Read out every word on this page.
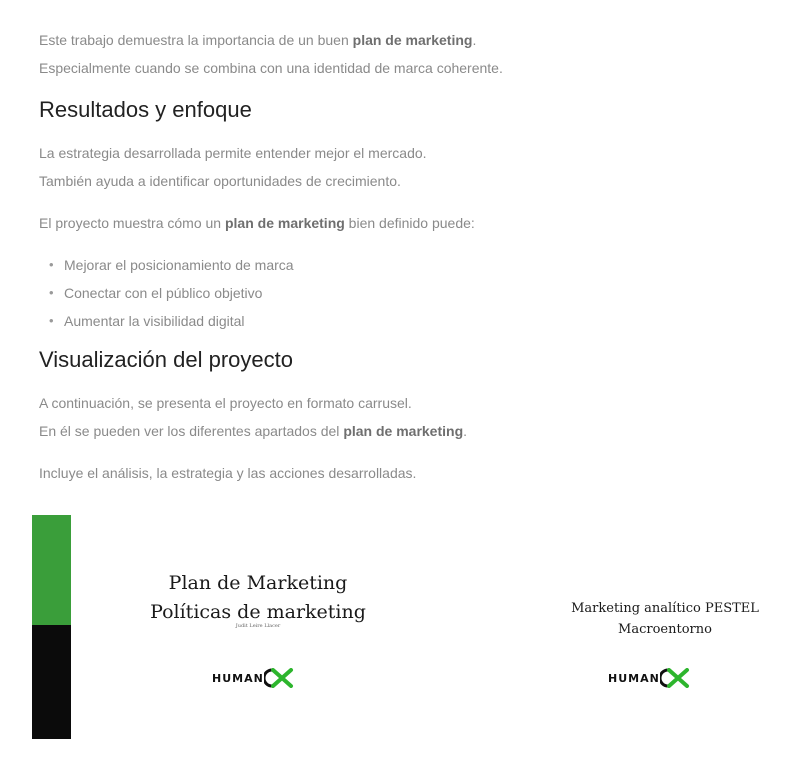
Este trabajo demuestra la importancia de un buen plan de marketing.

Especialmente cuando se combina con una identidad de marca coherente.

Resultados y enfoque

La estrategia desarrollada permite entender mejor el mercado.

También ayuda a identificar oportunidades de crecimiento.

El proyecto muestra cómo un plan de marketing bien definido puede:

• Mejorar el posicionamiento de marca
• Conectar con el público objetivo
• Aumentar la visibilidad digital
Visualización del proyecto

A continuación, se presenta el proyecto en formato carrusel.

En él se pueden ver los diferentes apartados del plan de marketing.

Incluye el análisis, la estrategia y las acciones desarrolladas.

Plan de Marketing
Políticas de marketing
Judit Leire Llacer
HUMAN
Marketing analítico PESTEL
Macroentorno
HUMAN
